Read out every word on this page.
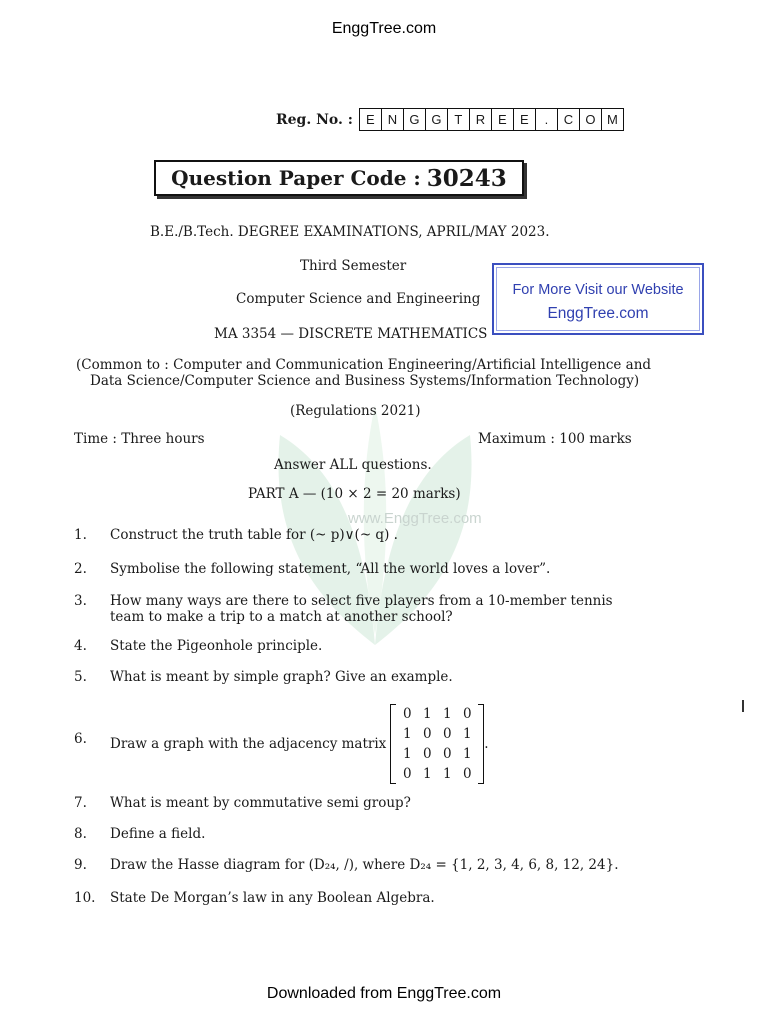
www.EnggTree.com
EnggTree.com
Reg. No. :	E N G G T	R E	E	.	C O M
Question Paper Code : 30243
B.E./B.Tech. DEGREE EXAMINATIONS, APRIL/MAY 2023.
Third Semester
Computer Science and Engineering
MA 3354 — DISCRETE MATHEMATICS
For More Visit our Website
EnggTree.com
(Common to : Computer and Communication Engineering/Artificial Intelligence and
Data Science/Computer Science and Business Systems/Information Technology)
(Regulations 2021)
Time : Three hours	Maximum : 100 marks
Answer ALL questions.
PART A — (10 × 2 = 20 marks)
1.	Construct the truth table for (~ p)∨(~ q) .
2.	Symbolise the following statement, “All the world loves a lover”.
3.	How many ways are there to select five players from a 10-member tennis team to make a trip to a match at another school?
4.	State the Pigeonhole principle.
5.	What is meant by simple graph? Give an example.
6. Draw a graph with the adjacency matrix
0 1 1 0
1 0 0 1
1 0 0 1
0 1 1 0
.
7.	What is meant by commutative semi group?
8.	Define a field.
9.	Draw the Hasse diagram for (D₂₄, /), where D₂₄ = {1, 2, 3, 4, 6, 8, 12, 24}.
10.	State De Morgan’s law in any Boolean Algebra.
Downloaded from EnggTree.com
